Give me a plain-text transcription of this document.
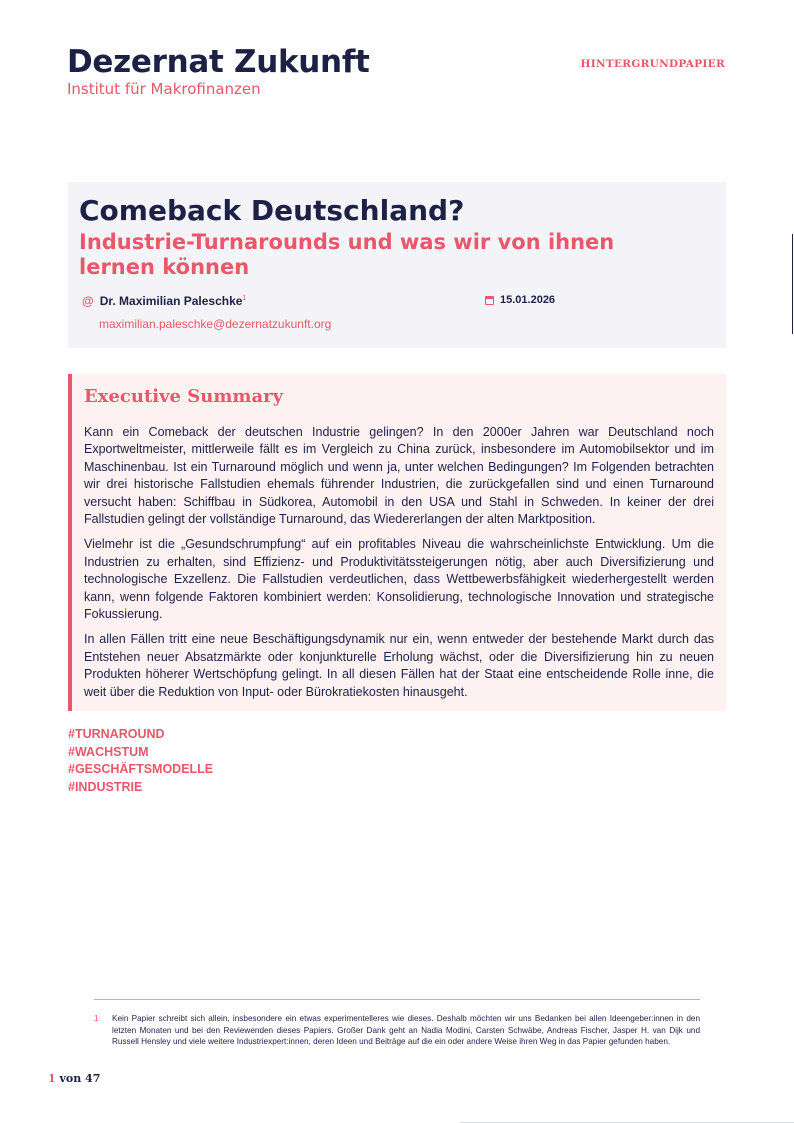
Dezernat Zukunft
Institut für Makrofinanzen
HINTERGRUNDPAPIER
Comeback Deutschland?
Industrie-Turnarounds und was wir von ihnen lernen können
@ Dr. Maximilian Paleschke$^1$
maximilian.paleschke@dezernatzukunft.org
15.01.2026
Executive Summary

Kann ein Comeback der deutschen Industrie gelingen? In den 2000er Jahren war Deutschland noch Exportweltmeister, mittlerweile fällt es im Vergleich zu China zurück, insbesondere im Automobilsektor und im Maschinenbau. Ist ein Turnaround möglich und wenn ja, unter welchen Bedingungen? Im Folgenden betrachten wir drei historische Fallstudien ehemals führender Industrien, die zurückgefallen sind und einen Turnaround versucht haben: Schiffbau in Südkorea, Automobil in den USA und Stahl in Schweden. In keiner der drei Fallstudien gelingt der vollständige Turnaround, das Wiedererlangen der alten Marktposition.

Vielmehr ist die „Gesundschrumpfung“ auf ein profitables Niveau die wahrscheinlichste Entwicklung. Um die Industrien zu erhalten, sind Effizienz- und Produktivitätssteigerungen nötig, aber auch Diversifizierung und technologische Exzellenz. Die Fallstudien verdeutlichen, dass Wettbewerbsfähigkeit wiederhergestellt werden kann, wenn folgende Faktoren kombiniert werden: Konsolidierung, technologische Innovation und strategische Fokussierung.

In allen Fällen tritt eine neue Beschäftigungsdynamik nur ein, wenn entweder der bestehende Markt durch das Entstehen neuer Absatzmärkte oder konjunkturelle Erholung wächst, oder die Diversifizierung hin zu neuen Produkten höherer Wertschöpfung gelingt. In all diesen Fällen hat der Staat eine entscheidende Rolle inne, die weit über die Reduktion von Input- oder Bürokratiekosten hinausgeht.

#TURNAROUND
#WACHSTUM
#GESCHÄFTSMODELLE
#INDUSTRIE
1	Kein Papier schreibt sich allein, insbesondere ein etwas experimentelleres wie dieses. Deshalb möchten wir uns Bedanken bei allen Ideengeber:innen in den letzten Monaten und bei den Reviewenden dieses Papiers. Großer Dank geht an Nadia Modini, Carsten Schwäbe, Andreas Fischer, Jasper H. van Dijk und Russell Hensley und viele weitere Industriexpert:innen, deren Ideen und Beiträge auf die ein oder andere Weise ihren Weg in das Papier gefunden haben.
1 von 47
